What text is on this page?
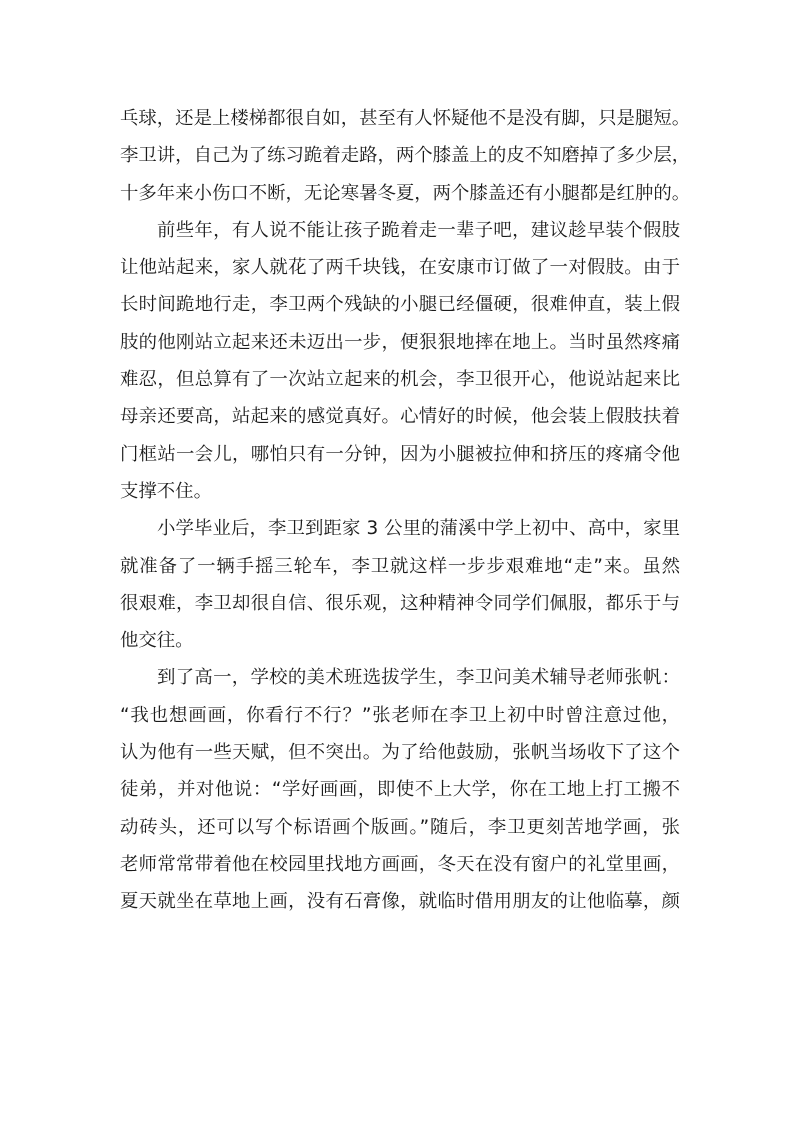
乓球，还是上楼梯都很自如，甚至有人怀疑他不是没有脚，只是腿短。
李卫讲，自己为了练习跪着走路，两个膝盖上的皮不知磨掉了多少层，
十多年来小伤口不断，无论寒暑冬夏，两个膝盖还有小腿都是红肿的。
前些年，有人说不能让孩子跪着走一辈子吧，建议趁早装个假肢
让他站起来，家人就花了两千块钱，在安康市订做了一对假肢。由于
长时间跪地行走，李卫两个残缺的小腿已经僵硬，很难伸直，装上假
肢的他刚站立起来还未迈出一步，便狠狠地摔在地上。当时虽然疼痛
难忍，但总算有了一次站立起来的机会，李卫很开心，他说站起来比
母亲还要高，站起来的感觉真好。心情好的时候，他会装上假肢扶着
门框站一会儿，哪怕只有一分钟，因为小腿被拉伸和挤压的疼痛令他
支撑不住。
小学毕业后，李卫到距家 3 公里的蒲溪中学上初中、高中，家里
就准备了一辆手摇三轮车，李卫就这样一步步艰难地“走”来。虽然
很艰难，李卫却很自信、很乐观，这种精神令同学们佩服，都乐于与
他交往。
到了高一，学校的美术班选拔学生，李卫问美术辅导老师张帆：
“我也想画画，你看行不行？”张老师在李卫上初中时曾注意过他，
认为他有一些天赋，但不突出。为了给他鼓励，张帆当场收下了这个
徒弟，并对他说：“学好画画，即使不上大学，你在工地上打工搬不
动砖头，还可以写个标语画个版画。”随后，李卫更刻苦地学画，张
老师常常带着他在校园里找地方画画，冬天在没有窗户的礼堂里画，
夏天就坐在草地上画，没有石膏像，就临时借用朋友的让他临摹，颜
